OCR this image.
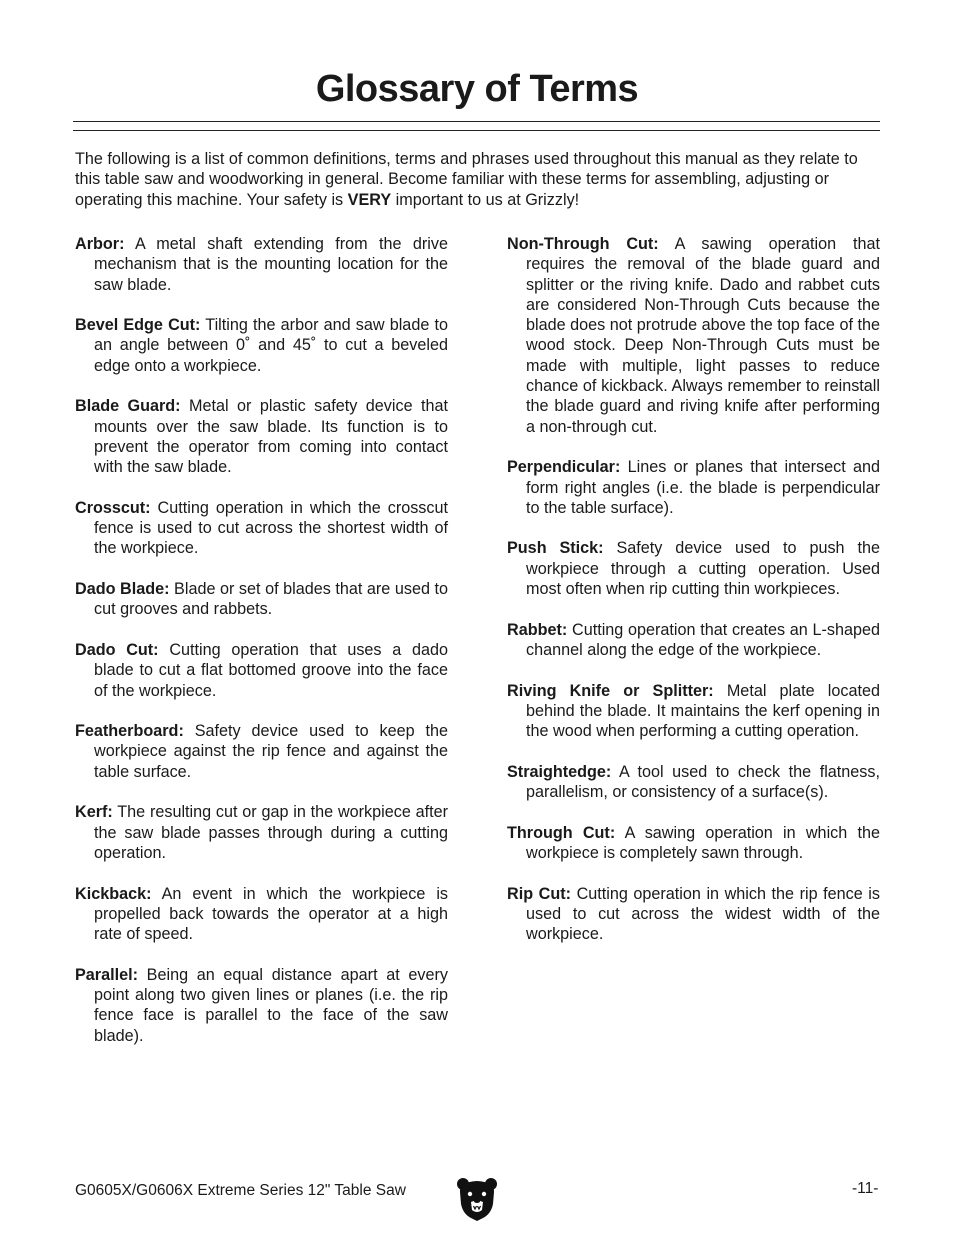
Glossary of Terms

The following is a list of common definitions, terms and phrases used throughout this manual as they relate to this table saw and woodworking in general. Become familiar with these terms for assembling, adjusting or operating this machine. Your safety is VERY important to us at Grizzly!

Arbor: A metal shaft extending from the drive mechanism that is the mounting location for the saw blade.

Bevel Edge Cut: Tilting the arbor and saw blade to an angle between 0˚ and 45˚ to cut a beveled edge onto a workpiece.

Blade Guard: Metal or plastic safety device that mounts over the saw blade. Its function is to prevent the operator from coming into contact with the saw blade.

Crosscut: Cutting operation in which the crosscut fence is used to cut across the shortest width of the workpiece.

Dado Blade: Blade or set of blades that are used to cut grooves and rabbets.

Dado Cut: Cutting operation that uses a dado blade to cut a flat bottomed groove into the face of the workpiece.

Featherboard: Safety device used to keep the workpiece against the rip fence and against the table surface.

Kerf: The resulting cut or gap in the workpiece after the saw blade passes through during a cutting operation.

Kickback: An event in which the workpiece is propelled back towards the operator at a high rate of speed.

Parallel: Being an equal distance apart at every point along two given lines or planes (i.e. the rip fence face is parallel to the face of the saw blade).

Non-Through Cut: A sawing operation that requires the removal of the blade guard and splitter or the riving knife. Dado and rabbet cuts are considered Non-Through Cuts because the blade does not protrude above the top face of the wood stock. Deep Non-Through Cuts must be made with multiple, light passes to reduce chance of kickback. Always remember to reinstall the blade guard and riving knife after performing a non-through cut.

Perpendicular: Lines or planes that intersect and form right angles (i.e. the blade is perpendicular to the table surface).

Push Stick: Safety device used to push the workpiece through a cutting operation. Used most often when rip cutting thin workpieces.

Rabbet: Cutting operation that creates an L-shaped channel along the edge of the workpiece.

Riving Knife or Splitter: Metal plate located behind the blade. It maintains the kerf opening in the wood when performing a cutting operation.

Straightedge: A tool used to check the flatness, parallelism, or consistency of a surface(s).

Through Cut: A sawing operation in which the workpiece is completely sawn through.

Rip Cut: Cutting operation in which the rip fence is used to cut across the widest width of the workpiece.

G0605X/G0606X Extreme Series 12" Table Saw	-11-
